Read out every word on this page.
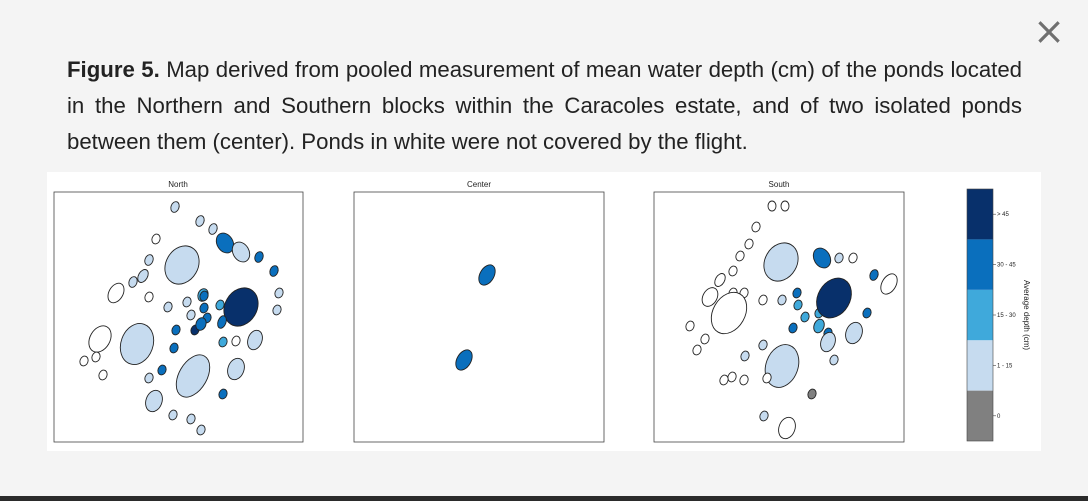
×
Figure 5. Map derived from pooled measurement of mean water depth (cm) of the ponds located in the Northern and Southern blocks within the Caracoles estate, and of two isolated ponds between them (center). Ponds in white were not covered by the flight.
North	Center	South
0
1 - 15
15 - 30
30 - 45
> 45
Average depth (cm)
